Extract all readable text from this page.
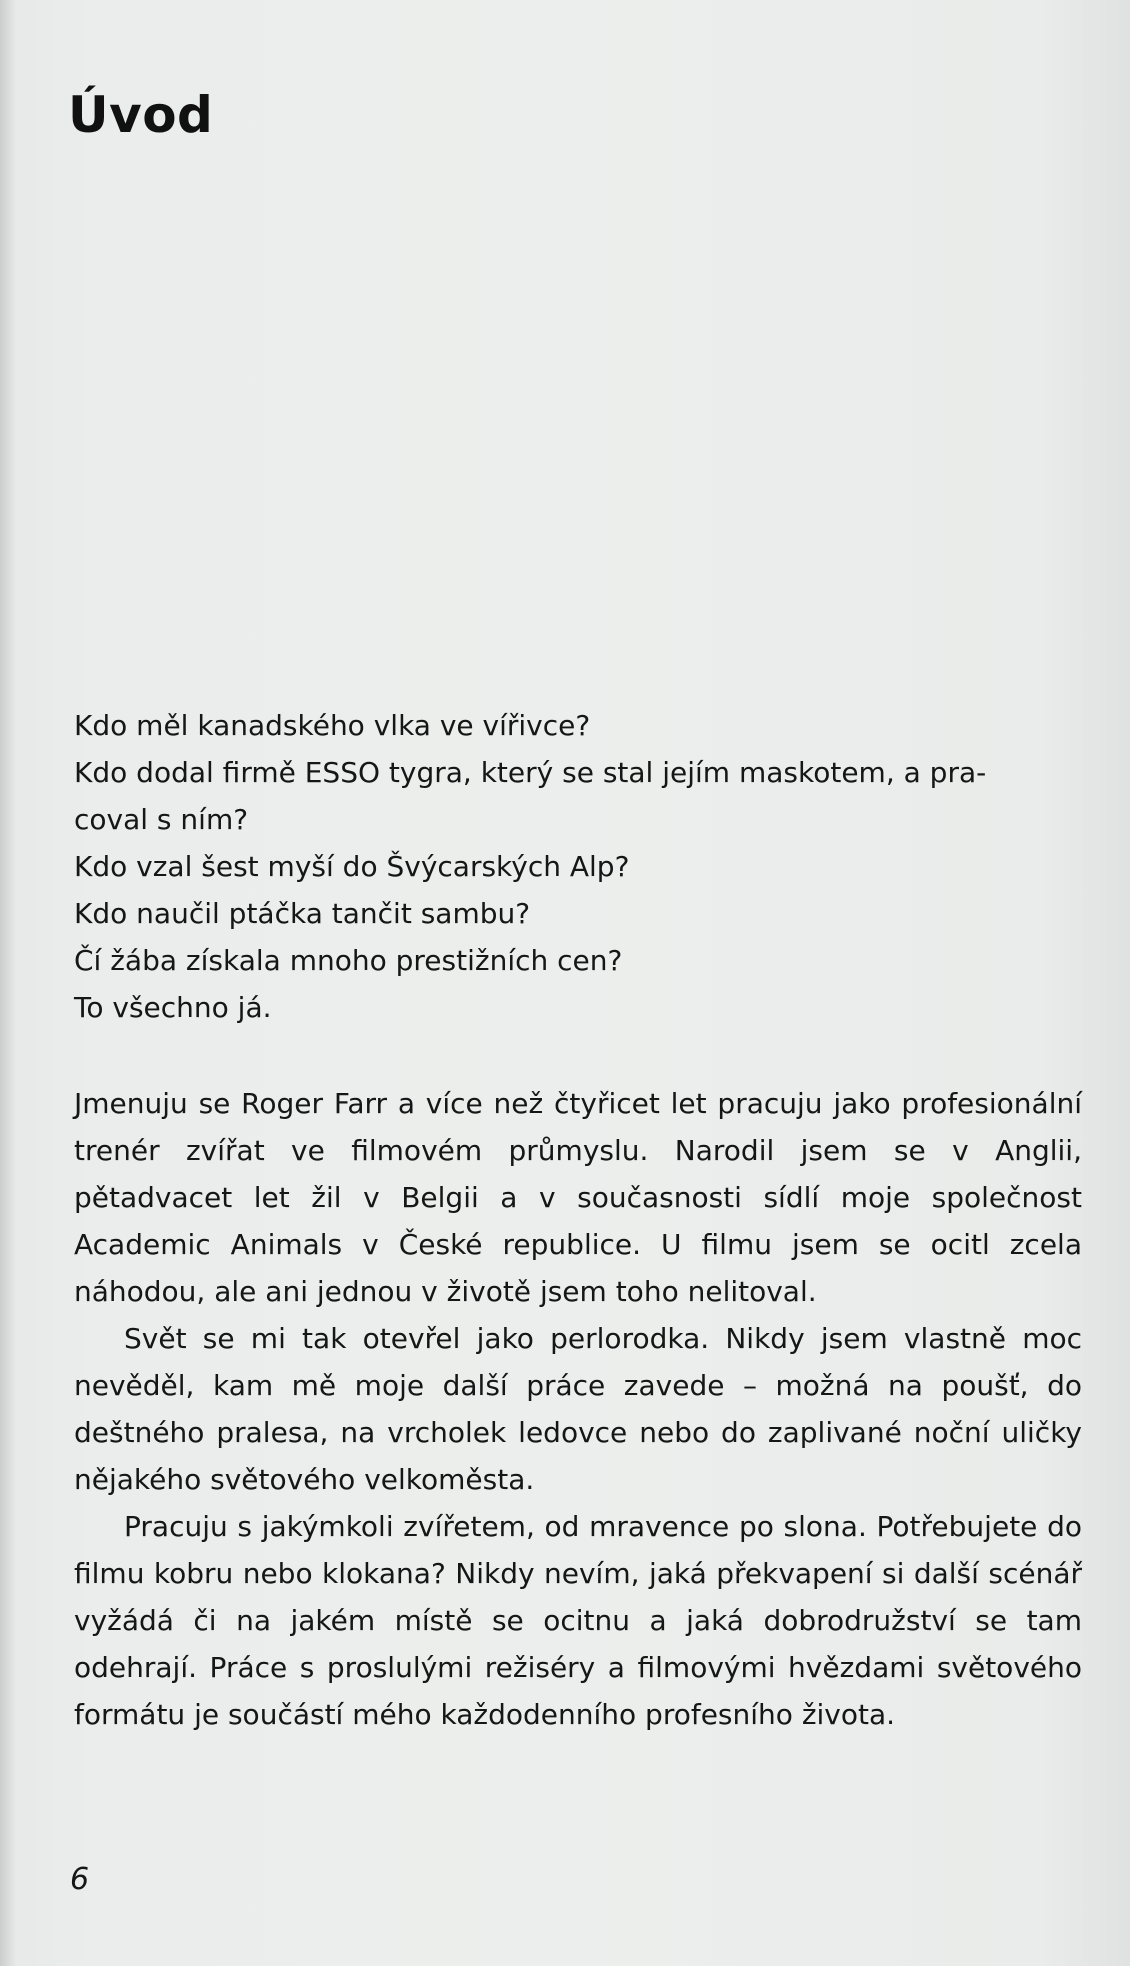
Úvod
Kdo měl kanadského vlka ve vířivce?
Kdo dodal firmě ESSO tygra, který se stal jejím maskotem, a pra-
coval s ním?
Kdo vzal šest myší do Švýcarských Alp?
Kdo naučil ptáčka tančit sambu?
Čí žába získala mnoho prestižních cen?
To všechno já.

Jmenuju se Roger Farr a více než čtyřicet let pracuju jako profesionální trenér zvířat ve filmovém průmyslu. Narodil jsem se v Anglii, pětadvacet let žil v Belgii a v současnosti sídlí moje společnost Academic Animals v České republice. U filmu jsem se ocitl zcela náhodou, ale ani jednou v životě jsem toho nelitoval.

Svět se mi tak otevřel jako perlorodka. Nikdy jsem vlastně moc nevěděl, kam mě moje další práce zavede – možná na poušť, do deštného pralesa, na vrcholek ledovce nebo do zaplivané noční uličky nějakého světového velkoměsta.

Pracuju s jakýmkoli zvířetem, od mravence po slona. Potřebujete do filmu kobru nebo klokana? Nikdy nevím, jaká překvapení si další scénář vyžádá či na jakém místě se ocitnu a jaká dobrodružství se tam odehrají. Práce s proslulými režiséry a filmovými hvězdami světového formátu je součástí mého každodenního profesního života.

6
